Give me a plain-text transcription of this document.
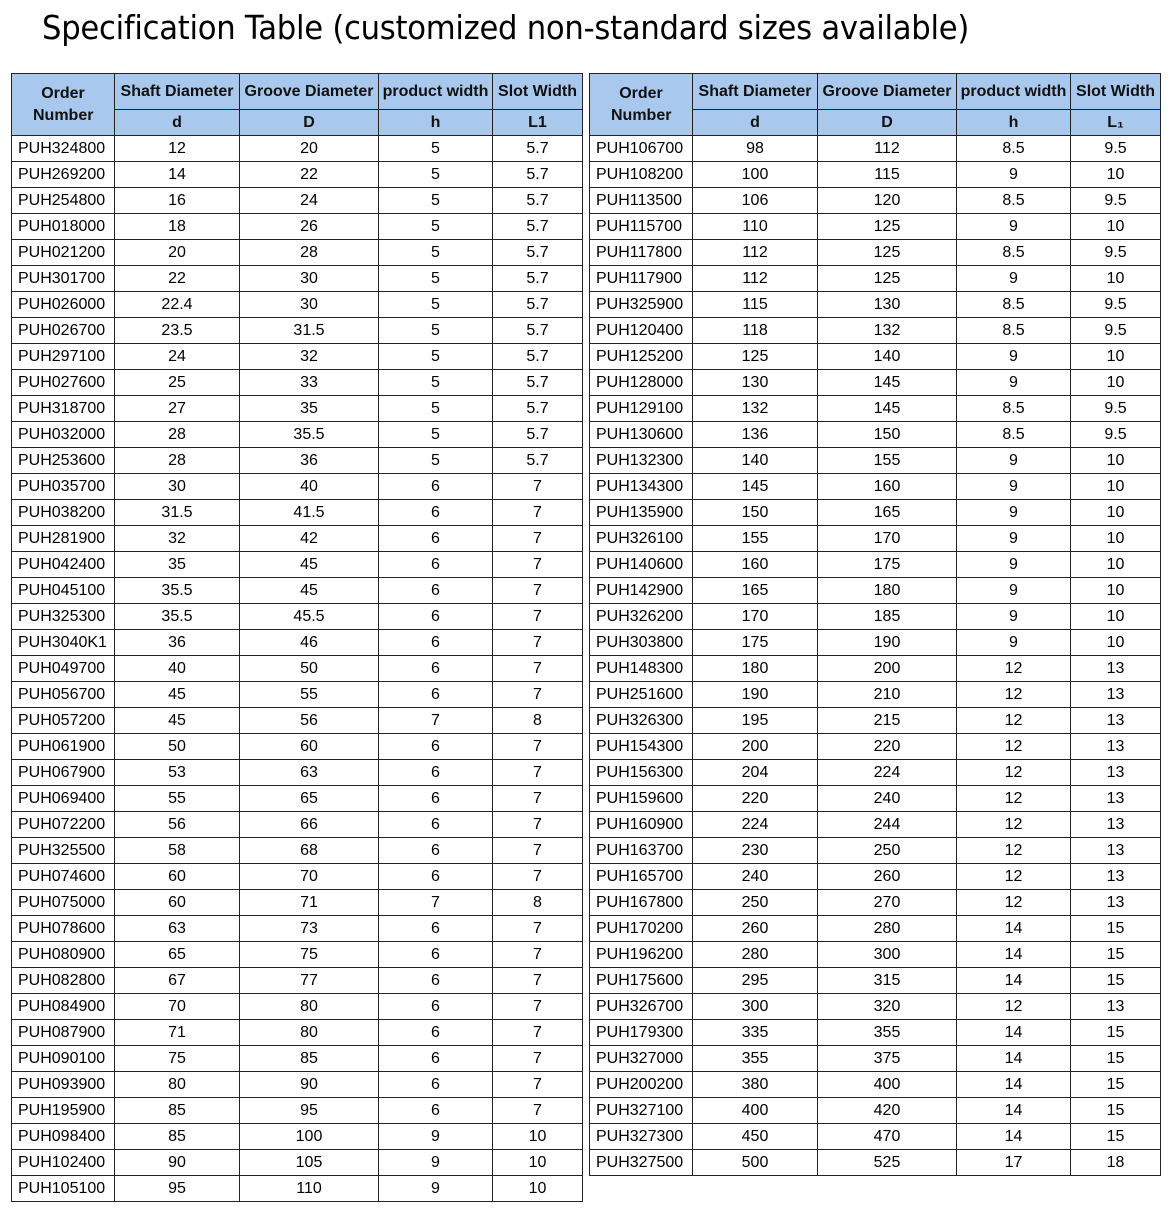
Specification Table (customized non-standard sizes available)
Order Number	Shaft Diameter	Groove Diameter	product width	Slot Width
	d	D	h	L1
PUH324800	12	20	5	5.7
PUH269200	14	22	5	5.7
PUH254800	16	24	5	5.7
PUH018000	18	26	5	5.7
PUH021200	20	28	5	5.7
PUH301700	22	30	5	5.7
PUH026000	22.4	30	5	5.7
PUH026700	23.5	31.5	5	5.7
PUH297100	24	32	5	5.7
PUH027600	25	33	5	5.7
PUH318700	27	35	5	5.7
PUH032000	28	35.5	5	5.7
PUH253600	28	36	5	5.7
PUH035700	30	40	6	7
PUH038200	31.5	41.5	6	7
PUH281900	32	42	6	7
PUH042400	35	45	6	7
PUH045100	35.5	45	6	7
PUH325300	35.5	45.5	6	7
PUH3040K1	36	46	6	7
PUH049700	40	50	6	7
PUH056700	45	55	6	7
PUH057200	45	56	7	8
PUH061900	50	60	6	7
PUH067900	53	63	6	7
PUH069400	55	65	6	7
PUH072200	56	66	6	7
PUH325500	58	68	6	7
PUH074600	60	70	6	7
PUH075000	60	71	7	8
PUH078600	63	73	6	7
PUH080900	65	75	6	7
PUH082800	67	77	6	7
PUH084900	70	80	6	7
PUH087900	71	80	6	7
PUH090100	75	85	6	7
PUH093900	80	90	6	7
PUH195900	85	95	6	7
PUH098400	85	100	9	10
PUH102400	90	105	9	10
PUH105100	95	110	9	10
Order Number	Shaft Diameter	Groove Diameter	product width	Slot Width
	d	D	h	L₁
PUH106700	98	112	8.5	9.5
PUH108200	100	115	9	10
PUH113500	106	120	8.5	9.5
PUH115700	110	125	9	10
PUH117800	112	125	8.5	9.5
PUH117900	112	125	9	10
PUH325900	115	130	8.5	9.5
PUH120400	118	132	8.5	9.5
PUH125200	125	140	9	10
PUH128000	130	145	9	10
PUH129100	132	145	8.5	9.5
PUH130600	136	150	8.5	9.5
PUH132300	140	155	9	10
PUH134300	145	160	9	10
PUH135900	150	165	9	10
PUH326100	155	170	9	10
PUH140600	160	175	9	10
PUH142900	165	180	9	10
PUH326200	170	185	9	10
PUH303800	175	190	9	10
PUH148300	180	200	12	13
PUH251600	190	210	12	13
PUH326300	195	215	12	13
PUH154300	200	220	12	13
PUH156300	204	224	12	13
PUH159600	220	240	12	13
PUH160900	224	244	12	13
PUH163700	230	250	12	13
PUH165700	240	260	12	13
PUH167800	250	270	12	13
PUH170200	260	280	14	15
PUH196200	280	300	14	15
PUH175600	295	315	14	15
PUH326700	300	320	12	13
PUH179300	335	355	14	15
PUH327000	355	375	14	15
PUH200200	380	400	14	15
PUH327100	400	420	14	15
PUH327300	450	470	14	15
PUH327500	500	525	17	18
